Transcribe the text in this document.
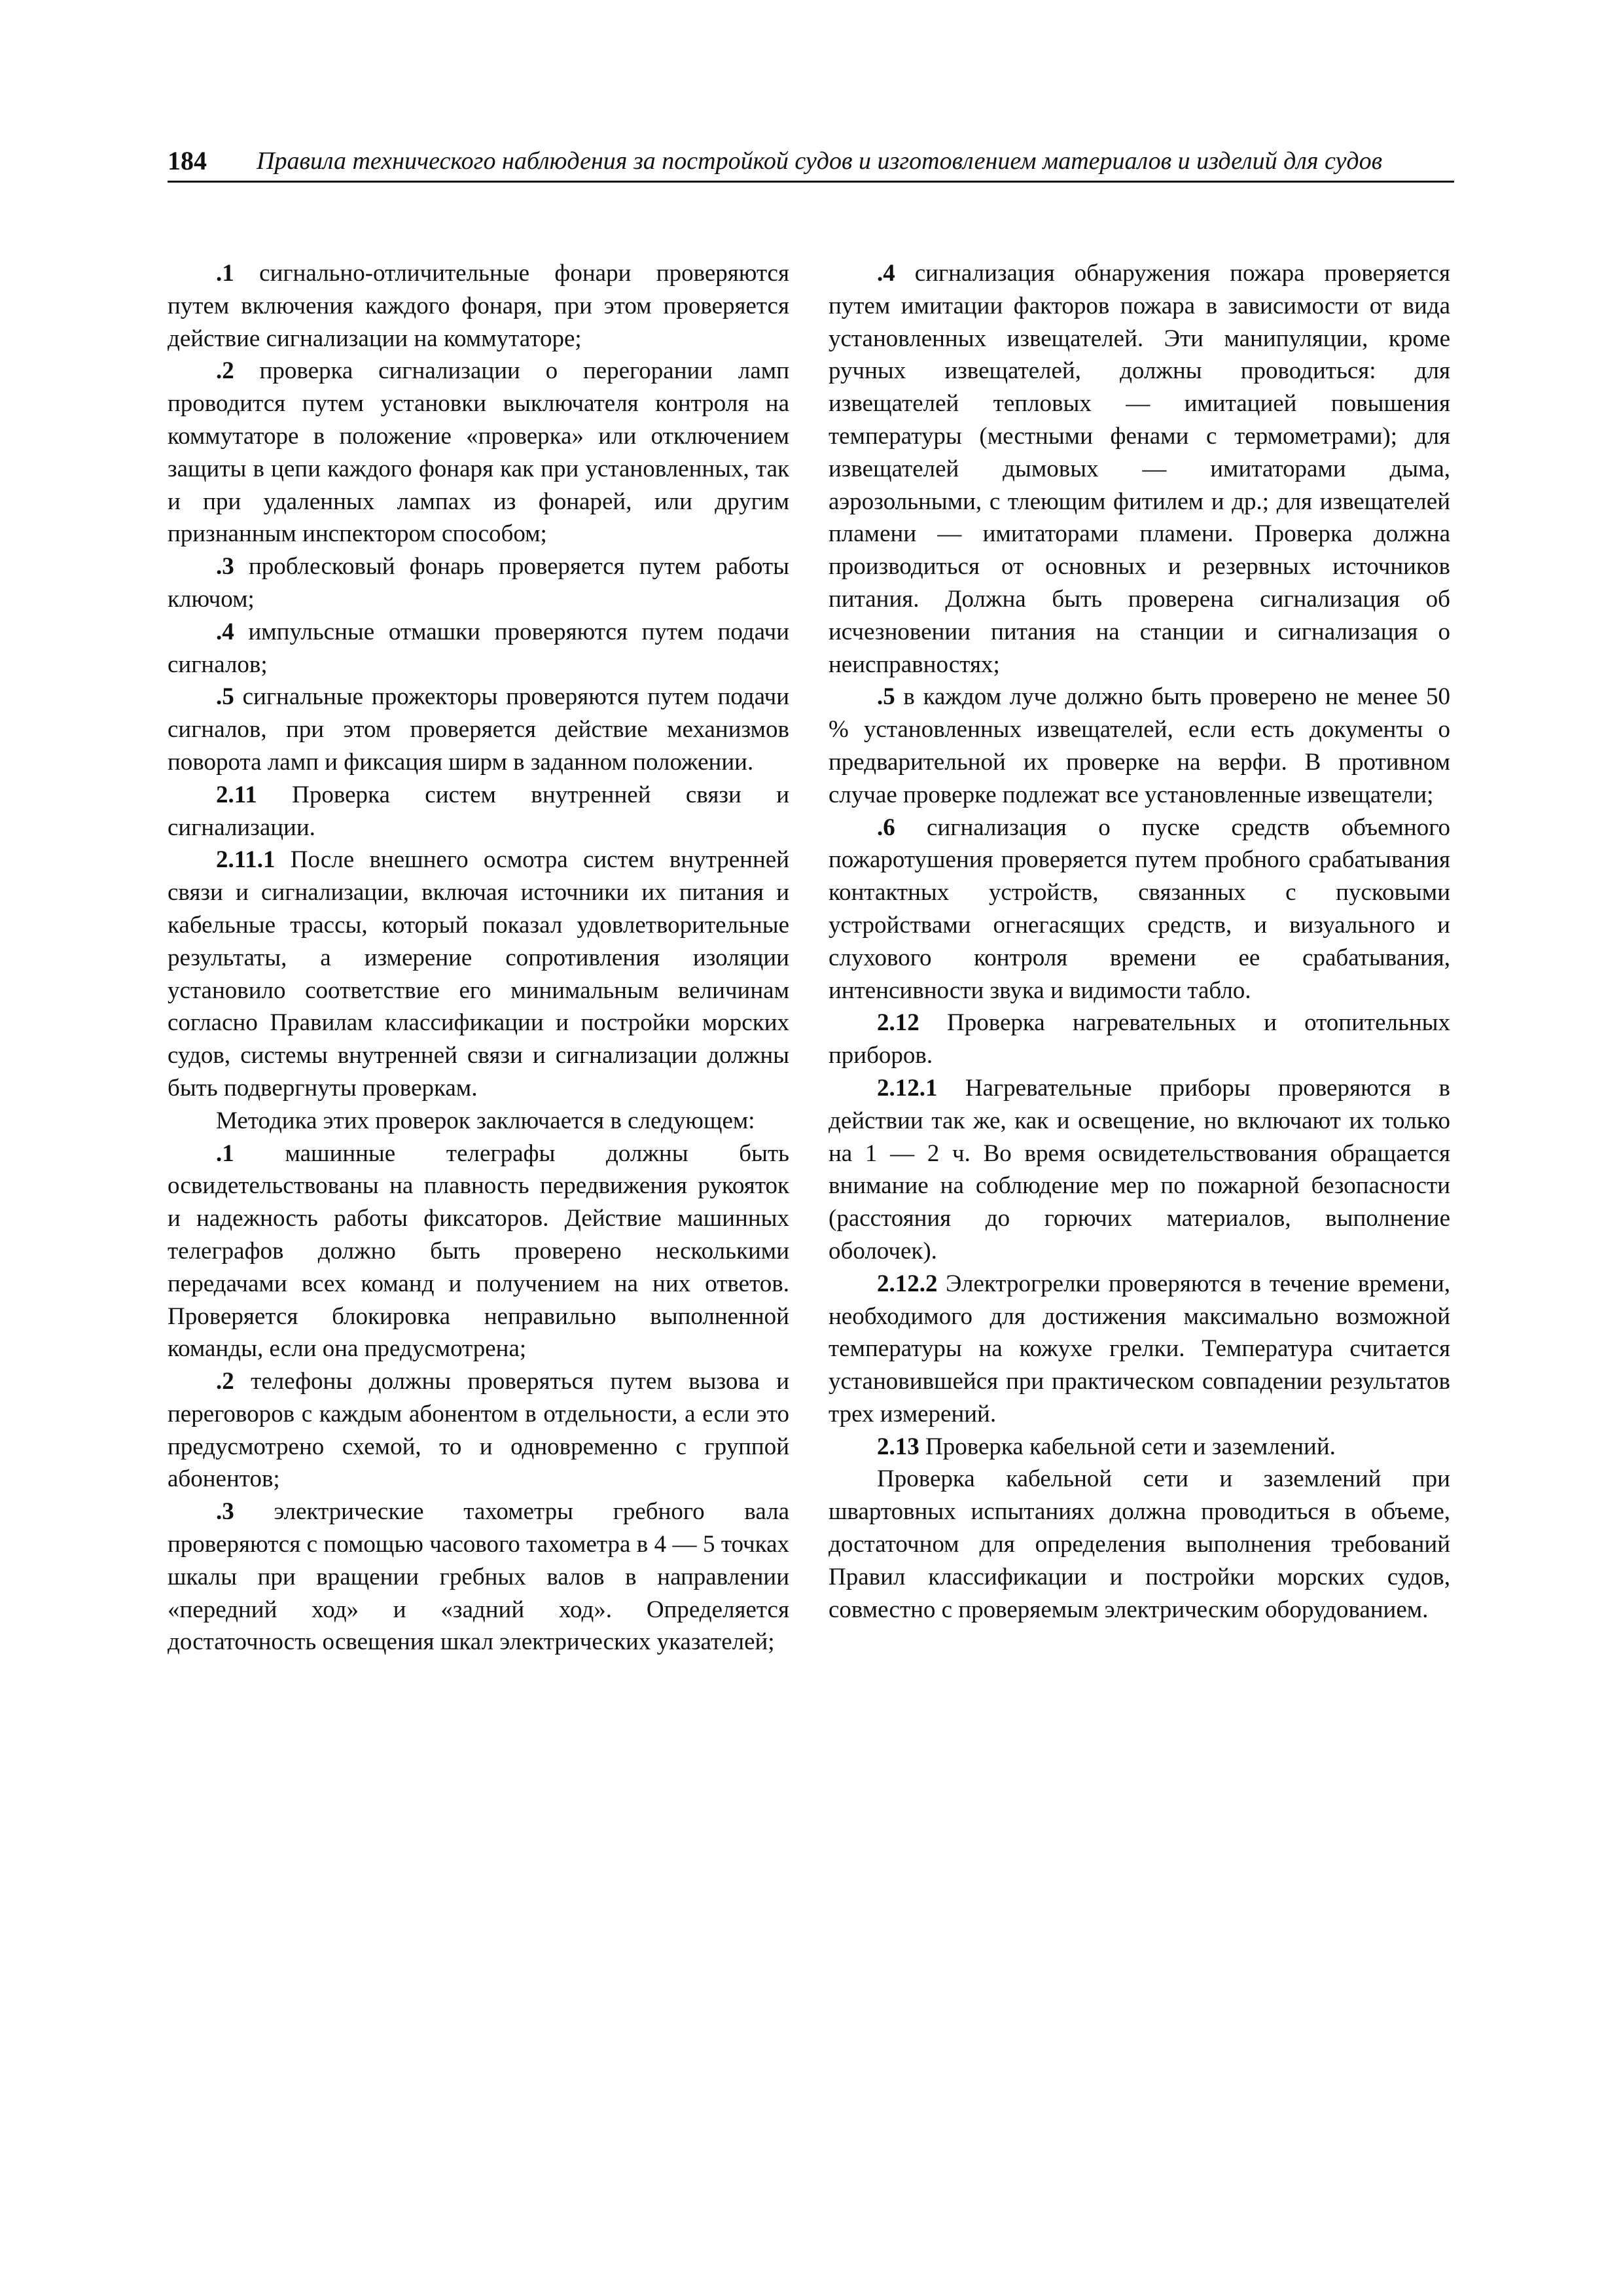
184 Правила технического наблюдения за постройкой судов и изготовлением материалов и изделий для судов

.1 сигнально-отличительные фонари проверяются путем включения каждого фонаря, при этом проверяется действие сигнализации на коммутаторе;

.2 проверка сигнализации о перегорании ламп проводится путем установки выключателя контроля на коммутаторе в положение «проверка» или отключением защиты в цепи каждого фонаря как при установленных, так и при удаленных лампах из фонарей, или другим признанным инспектором способом;

.3 проблесковый фонарь проверяется путем работы ключом;

.4 импульсные отмашки проверяются путем подачи сигналов;

.5 сигнальные прожекторы проверяются путем подачи сигналов, при этом проверяется действие механизмов поворота ламп и фиксация ширм в заданном положении.

2.11 Проверка систем внутренней связи и сигнализации.

2.11.1 После внешнего осмотра систем внутренней связи и сигнализации, включая источники их питания и кабельные трассы, который показал удовлетворительные результаты, а измерение сопротивления изоляции установило соответствие его минимальным величинам согласно Правилам классификации и постройки морских судов, системы внутренней связи и сигнализации должны быть подвергнуты проверкам.

Методика этих проверок заключается в следующем:

.1 машинные телеграфы должны быть освидетельствованы на плавность передвижения рукояток и надежность работы фиксаторов. Действие машинных телеграфов должно быть проверено несколькими передачами всех команд и получением на них ответов. Проверяется блокировка неправильно выполненной команды, если она предусмотрена;

.2 телефоны должны проверяться путем вызова и переговоров с каждым абонентом в отдельности, а если это предусмотрено схемой, то и одновременно с группой абонентов;

.3 электрические тахометры гребного вала проверяются с помощью часового тахометра в 4 — 5 точках шкалы при вращении гребных валов в направлении «передний ход» и «задний ход». Определяется достаточность освещения шкал электрических указателей;

.4 сигнализация обнаружения пожара проверяется путем имитации факторов пожара в зависимости от вида установленных извещателей. Эти манипуляции, кроме ручных извещателей, должны проводиться: для извещателей тепловых — имитацией повышения температуры (местными фенами с термометрами); для извещателей дымовых — имитаторами дыма, аэрозольными, с тлеющим фитилем и др.; для извещателей пламени — имитаторами пламени. Проверка должна производиться от основных и резервных источников питания. Должна быть проверена сигнализация об исчезновении питания на станции и сигнализация о неисправностях;

.5 в каждом луче должно быть проверено не менее 50 % установленных извещателей, если есть документы о предварительной их проверке на верфи. В противном случае проверке подлежат все установленные извещатели;

.6 сигнализация о пуске средств объемного пожаротушения проверяется путем пробного срабатывания контактных устройств, связанных с пусковыми устройствами огнегасящих средств, и визуального и слухового контроля времени ее срабатывания, интенсивности звука и видимости табло.

2.12 Проверка нагревательных и отопительных приборов.

2.12.1 Нагревательные приборы проверяются в действии так же, как и освещение, но включают их только на 1 — 2 ч. Во время освидетельствования обращается внимание на соблюдение мер по пожарной безопасности (расстояния до горючих материалов, выполнение оболочек).

2.12.2 Электрогрелки проверяются в течение времени, необходимого для достижения максимально возможной температуры на кожухе грелки. Температура считается установившейся при практическом совпадении результатов трех измерений.

2.13 Проверка кабельной сети и заземлений.

Проверка кабельной сети и заземлений при швартовных испытаниях должна проводиться в объеме, достаточном для определения выполнения требований Правил классификации и постройки морских судов, совместно с проверяемым электрическим оборудованием.
